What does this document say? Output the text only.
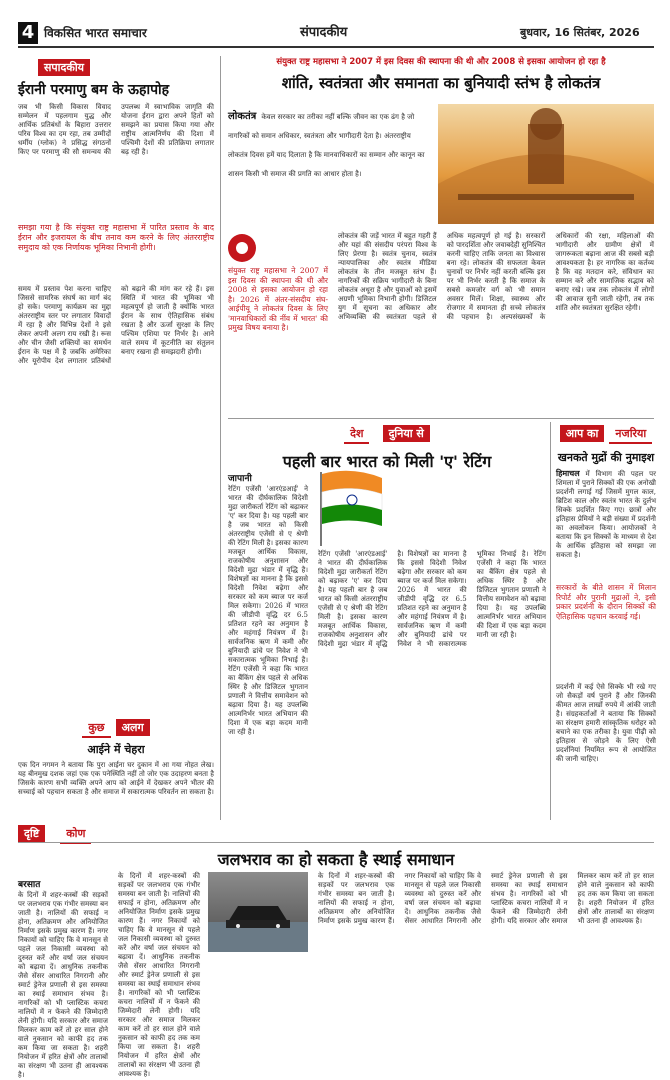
4 विकसित भारत समाचार	संपादकीय	बुधवार, 16 सितंबर, 2026
सपादकीय
ईरानी परमाणु बम के ऊहापोह
जब भी किसी विकास विवाद सम्मेलन में पहलगाम युद्ध और आर्थिक प्रतिबंधों के बिहारा उत्तरार परिव विश्व का दम रहा, तब उम्मीदों धर्मीय (ग्लोक) ने प्रसिद्ध संगठनों किए पर परमाणु की सौ समन्वय की उपलब्ध में स्वाभाविक जागृति की योजना ईरान द्वारा अपने हितों को समझने का प्रयास किया गया और राष्ट्रीय आत्मनिर्णय की दिशा में पश्चिमी देशों की प्रतिक्रिया लगातार बढ़ रही है।
समझा गया है कि संयुक्त राष्ट्र महासभा में पारित प्रस्ताव के बाद ईरान और इजरायल के बीच तनाव कम करने के लिए अंतरराष्ट्रीय समुदाय को एक निर्णायक भूमिका निभानी होगी।
समय में प्रस्ताव पेश करना चाहिए जिससे सामरिक संघर्ष का मार्ग बंद हो सके। परमाणु कार्यक्रम का मुद्दा अंतरराष्ट्रीय स्तर पर लगातार विवादों में रहा है और विभिन्न देशों ने इसे लेकर अपनी अलग राय रखी है। रूस और चीन जैसी शक्तियों का समर्थन ईरान के पक्ष में है जबकि अमेरिका और यूरोपीय देश लगातार प्रतिबंधों को बढ़ाने की मांग कर रहे हैं। इस स्थिति में भारत की भूमिका भी महत्वपूर्ण हो जाती है क्योंकि भारत ईरान के साथ ऐतिहासिक संबंध रखता है और ऊर्जा सुरक्षा के लिए पश्चिम एशिया पर निर्भर है। आने वाले समय में कूटनीति का संतुलन बनाए रखना ही समझदारी होगी।
कुछ अलग
आईने में चेहरा
एक दिन नगमन ने बताया कि पुरा आईना घर दुकान में आ गया नोहत लेख। यह बीनमुख दशक जहां एक एक पनेस्थिति नहीं तो जोर एक उदाहरण बनता है जिसके कारण सभी व्यक्ति अपने आप को आईने में देखकर अपने भीतर की सच्चाई को पहचान सकता है और समाज में सकारात्मक परिवर्तन ला सकता है।
दृष्टि कोण
संयुक्त राष्ट्र महासभा ने 2007 में इस दिवस की स्थापना की थी और 2008 से इसका आयोजन हो रहा है
शांति, स्वतंत्रता और समानता का बुनियादी स्तंभ है लोकतंत्र
संयुक्त राष्ट्र महासभा ने 2007 में इस दिवस की स्थापना की थी और 2008 से इसका आयोजन हो रहा है। 2026 में अंतर-संसदीय संघ-आईपीयू ने लोकतंत्र दिवस के लिए 'मानवाधिकारों की नींव में भारत' की प्रमुख विषय बनाया है।
लोकतंत्र केवल सरकार का तरीका नहीं बल्कि जीवन का एक ढंग है जो नागरिकों को समान अधिकार, स्वतंत्रता और भागीदारी देता है। अंतरराष्ट्रीय लोकतंत्र दिवस हमें याद दिलाता है कि मानवाधिकारों का सम्मान और कानून का शासन किसी भी समाज की प्रगति का आधार होता है।
लोकतंत्र की जड़ें भारत में बहुत गहरी हैं और यहां की संसदीय परंपरा विश्व के लिए प्रेरणा है। स्वतंत्र चुनाव, स्वतंत्र न्यायपालिका और स्वतंत्र मीडिया लोकतंत्र के तीन मजबूत स्तंभ हैं। नागरिकों की सक्रिय भागीदारी के बिना लोकतंत्र अधूरा है और युवाओं को इसमें अग्रणी भूमिका निभानी होगी। डिजिटल युग में सूचना का अधिकार और अभिव्यक्ति की स्वतंत्रता पहले से अधिक महत्वपूर्ण हो गई है। सरकारों को पारदर्शिता और जवाबदेही सुनिश्चित करनी चाहिए ताकि जनता का विश्वास बना रहे। लोकतंत्र की सफलता केवल चुनावों पर निर्भर नहीं करती बल्कि इस पर भी निर्भर करती है कि समाज के सबसे कमजोर वर्ग को भी समान अवसर मिलें। शिक्षा, स्वास्थ्य और रोजगार में समानता ही सच्चे लोकतंत्र की पहचान है। अल्पसंख्यकों के अधिकारों की रक्षा, महिलाओं की भागीदारी और ग्रामीण क्षेत्रों में जागरूकता बढ़ाना आज की सबसे बड़ी आवश्यकता है। हर नागरिक का कर्तव्य है कि वह मतदान करे, संविधान का सम्मान करे और सामाजिक सद्भाव को बनाए रखे। जब तक लोकतंत्र में लोगों की आवाज सुनी जाती रहेगी, तब तक शांति और स्वतंत्रता सुरक्षित रहेगी।
देश दुनिया से
पहली बार भारत को मिली 'ए' रेटिंग
जापानी
रेटिंग एजेंसी 'आरएंडआई' ने भारत की दीर्घकालिक विदेशी मुद्रा जारीकर्ता रेटिंग को बढ़ाकर 'ए' कर दिया है। यह पहली बार है जब भारत को किसी अंतरराष्ट्रीय एजेंसी से ए श्रेणी की रेटिंग मिली है। इसका कारण मजबूत आर्थिक विकास, राजकोषीय अनुशासन और विदेशी मुद्रा भंडार में वृद्धि है। विशेषज्ञों का मानना है कि इससे विदेशी निवेश बढ़ेगा और सरकार को कम ब्याज पर कर्ज मिल सकेगा। 2026 में भारत की जीडीपी वृद्धि दर 6.5 प्रतिशत रहने का अनुमान है और महंगाई नियंत्रण में है। सार्वजनिक ऋण में कमी और बुनियादी ढांचे पर निवेश ने भी सकारात्मक भूमिका निभाई है। रेटिंग एजेंसी ने कहा कि भारत का बैंकिंग क्षेत्र पहले से अधिक स्थिर है और डिजिटल भुगतान प्रणाली ने वित्तीय समावेशन को बढ़ावा दिया है। यह उपलब्धि आत्मनिर्भर भारत अभियान की दिशा में एक बड़ा कदम मानी जा रही है।
रेटिंग एजेंसी 'आरएंडआई' ने भारत की दीर्घकालिक विदेशी मुद्रा जारीकर्ता रेटिंग को बढ़ाकर 'ए' कर दिया है। यह पहली बार है जब भारत को किसी अंतरराष्ट्रीय एजेंसी से ए श्रेणी की रेटिंग मिली है। इसका कारण मजबूत आर्थिक विकास, राजकोषीय अनुशासन और विदेशी मुद्रा भंडार में वृद्धि है। विशेषज्ञों का मानना है कि इससे विदेशी निवेश बढ़ेगा और सरकार को कम ब्याज पर कर्ज मिल सकेगा। 2026 में भारत की जीडीपी वृद्धि दर 6.5 प्रतिशत रहने का अनुमान है और महंगाई नियंत्रण में है। सार्वजनिक ऋण में कमी और बुनियादी ढांचे पर निवेश ने भी सकारात्मक भूमिका निभाई है। रेटिंग एजेंसी ने कहा कि भारत का बैंकिंग क्षेत्र पहले से अधिक स्थिर है और डिजिटल भुगतान प्रणाली ने वित्तीय समावेशन को बढ़ावा दिया है। यह उपलब्धि आत्मनिर्भर भारत अभियान की दिशा में एक बड़ा कदम मानी जा रही है।
आप का नजरिया
खनकते मुद्रों की नुमाइश
हिमाचल में विभाग की पहल पर शिमला में पुराने सिक्कों की एक अनोखी प्रदर्शनी लगाई गई जिसमें मुगल काल, ब्रिटिश काल और स्वतंत्र भारत के दुर्लभ सिक्के प्रदर्शित किए गए। छात्रों और इतिहास प्रेमियों ने बड़ी संख्या में प्रदर्शनी का अवलोकन किया। आयोजकों ने बताया कि इन सिक्कों के माध्यम से देश के आर्थिक इतिहास को समझा जा सकता है।
सरकारों के बीते शासन में मिलान रिपोर्ट और पुरानी मुद्राओं ने, इसी प्रकार प्रदर्शनी के दौरान सिक्कों की ऐतिहासिक पहचान करवाई गई।
प्रदर्शनी में कई ऐसे सिक्के भी रखे गए जो सैकड़ों वर्ष पुराने हैं और जिनकी कीमत आज लाखों रुपये में आंकी जाती है। संग्रहकर्ताओं ने बताया कि सिक्कों का संरक्षण हमारी सांस्कृतिक धरोहर को बचाने का एक तरीका है। युवा पीढ़ी को इतिहास से जोड़ने के लिए ऐसी प्रदर्शनियां नियमित रूप से आयोजित की जानी चाहिए।
जलभराव का हो सकता है स्थाई समाधान
बरसात
के दिनों में शहर-कस्बों की सड़कों पर जलभराव एक गंभीर समस्या बन जाती है। नालियों की सफाई न होना, अतिक्रमण और अनियोजित निर्माण इसके प्रमुख कारण हैं। नगर निकायों को चाहिए कि वे मानसून से पहले जल निकासी व्यवस्था को दुरुस्त करें और वर्षा जल संचयन को बढ़ावा दें। आधुनिक तकनीक जैसे सेंसर आधारित निगरानी और स्मार्ट ड्रेनेज प्रणाली से इस समस्या का स्थाई समाधान संभव है। नागरिकों को भी प्लास्टिक कचरा नालियों में न फेंकने की जिम्मेदारी लेनी होगी। यदि सरकार और समाज मिलकर काम करें तो हर साल होने वाले नुकसान को काफी हद तक कम किया जा सकता है। शहरी नियोजन में हरित क्षेत्रों और तालाबों का संरक्षण भी उतना ही आवश्यक है।
के दिनों में शहर-कस्बों की सड़कों पर जलभराव एक गंभीर समस्या बन जाती है। नालियों की सफाई न होना, अतिक्रमण और अनियोजित निर्माण इसके प्रमुख कारण हैं। नगर निकायों को चाहिए कि वे मानसून से पहले जल निकासी व्यवस्था को दुरुस्त करें और वर्षा जल संचयन को बढ़ावा दें। आधुनिक तकनीक जैसे सेंसर आधारित निगरानी और स्मार्ट ड्रेनेज प्रणाली से इस समस्या का स्थाई समाधान संभव है। नागरिकों को भी प्लास्टिक कचरा नालियों में न फेंकने की जिम्मेदारी लेनी होगी। यदि सरकार और समाज मिलकर काम करें तो हर साल होने वाले नुकसान को काफी हद तक कम किया जा सकता है। शहरी नियोजन में हरित क्षेत्रों और तालाबों का संरक्षण भी उतना ही आवश्यक है।
के दिनों में शहर-कस्बों की सड़कों पर जलभराव एक गंभीर समस्या बन जाती है। नालियों की सफाई न होना, अतिक्रमण और अनियोजित निर्माण इसके प्रमुख कारण हैं। नगर निकायों को चाहिए कि वे मानसून से पहले जल निकासी व्यवस्था को दुरुस्त करें और वर्षा जल संचयन को बढ़ावा दें। आधुनिक तकनीक जैसे सेंसर आधारित निगरानी और स्मार्ट ड्रेनेज प्रणाली से इस समस्या का स्थाई समाधान संभव है। नागरिकों को भी प्लास्टिक कचरा नालियों में न फेंकने की जिम्मेदारी लेनी होगी। यदि सरकार और समाज मिलकर काम करें तो हर साल होने वाले नुकसान को काफी हद तक कम किया जा सकता है। शहरी नियोजन में हरित क्षेत्रों और तालाबों का संरक्षण भी उतना ही आवश्यक है।
